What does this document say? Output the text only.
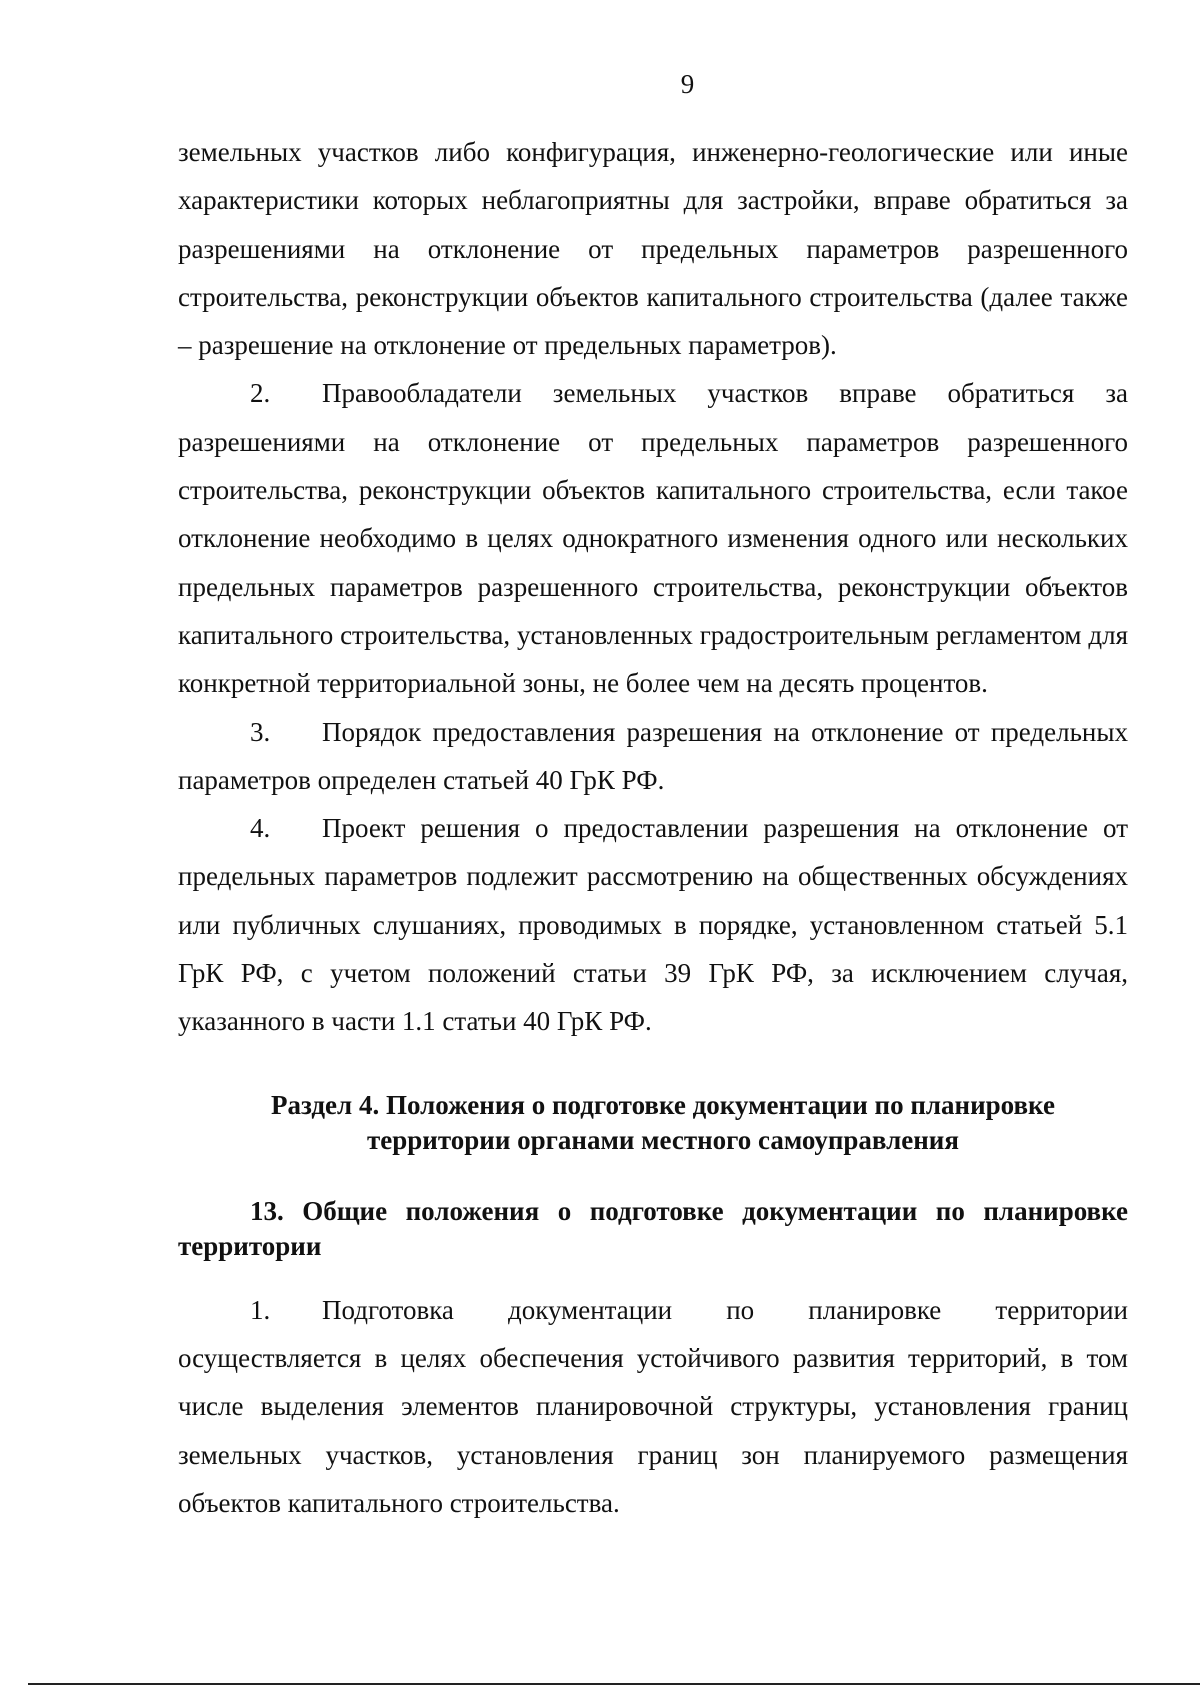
9

земельных участков либо конфигурация, инженерно-геологические или иные характеристики которых неблагоприятны для застройки, вправе обратиться за разрешениями на отклонение от предельных параметров разрешенного строительства, реконструкции объектов капитального строительства (далее также – разрешение на отклонение от предельных параметров).

2. Правообладатели земельных участков вправе обратиться за разрешениями на отклонение от предельных параметров разрешенного строительства, реконструкции объектов капитального строительства, если такое отклонение необходимо в целях однократного изменения одного или нескольких предельных параметров разрешенного строительства, реконструкции объектов капитального строительства, установленных градостроительным регламентом для конкретной территориальной зоны, не более чем на десять процентов.

3. Порядок предоставления разрешения на отклонение от предельных параметров определен статьей 40 ГрК РФ.

4. Проект решения о предоставлении разрешения на отклонение от предельных параметров подлежит рассмотрению на общественных обсуждениях или публичных слушаниях, проводимых в порядке, установленном статьей 5.1 ГрК РФ, с учетом положений статьи 39 ГрК РФ, за исключением случая, указанного в части 1.1 статьи 40 ГрК РФ.

Раздел 4. Положения о подготовке документации по планировке
территории органами местного самоуправления
13. Общие положения о подготовке документации по планировке территории

1. Подготовка документации по планировке территории осуществляется в целях обеспечения устойчивого развития территорий, в том числе выделения элементов планировочной структуры, установления границ земельных участков, установления границ зон планируемого размещения объектов капитального строительства.
